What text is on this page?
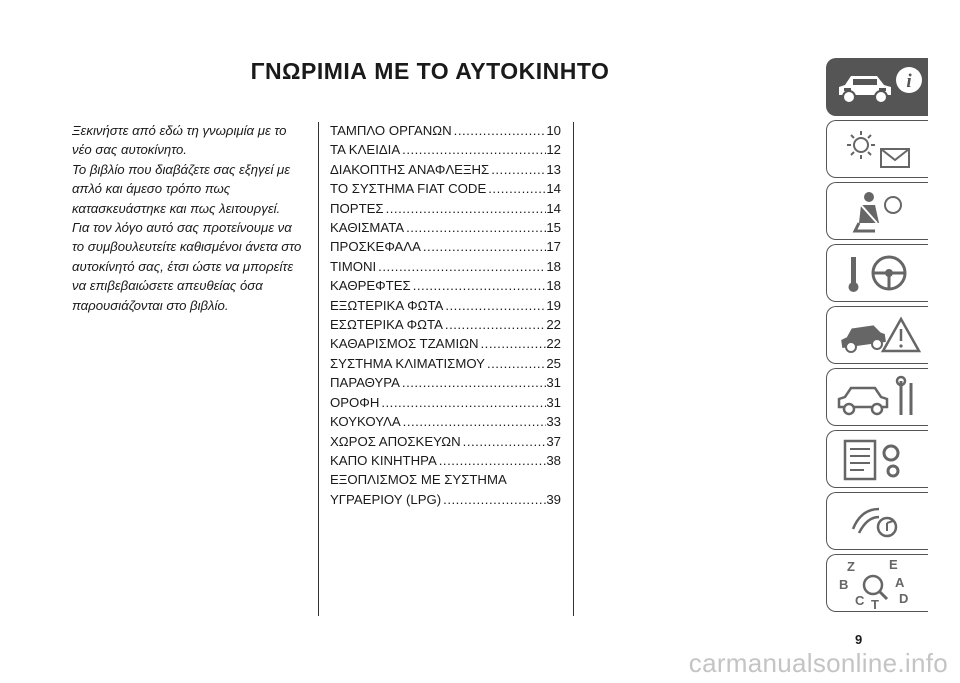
ΓΝΩΡΙΜΙΑ ΜΕ ΤΟ ΑΥΤΟΚΙΝΗΤΟ

Ξεκινήστε από εδώ τη γνωριμία με το νέο σας αυτοκίνητο.

Το βιβλίο που διαβάζετε σας εξηγεί με απλό και άμεσο τρόπο πως κατασκευάστηκε και πως λειτουργεί.

Για τον λόγο αυτό σας προτείνουμε να το συμβουλευτείτε καθισμένοι άνετα στο αυτοκίνητό σας, έτσι ώστε να μπορείτε να επιβεβαιώσετε απευθείας όσα παρουσιάζονται στο βιβλίο.

ΤΑΜΠΛΟ ΟΡΓΑΝΩΝ .....	10
ΤΑ ΚΛΕΙΔΙΑ .....	12
ΔΙΑΚΟΠΤΗΣ ΑΝΑΦΛΕΞΗΣ .....	13
ΤΟ ΣΥΣΤΗΜΑ FIAT CODE .....	14
ΠΟΡΤΕΣ .....	14
ΚΑΘΙΣΜΑΤΑ .....	15
ΠΡΟΣΚΕΦΑΛΑ .....	17
ΤΙΜΟΝΙ .....	18
ΚΑΘΡΕΦΤΕΣ .....	18
ΕΞΩΤΕΡΙΚΑ ΦΩΤΑ .....	19
ΕΣΩΤΕΡΙΚΑ ΦΩΤΑ .....	22
ΚΑΘΑΡΙΣΜΟΣ ΤΖΑΜΙΩΝ .....	22
ΣΥΣΤΗΜΑ ΚΛΙΜΑΤΙΣΜΟΥ .....	25
ΠΑΡΑΘΥΡΑ .....	31
ΟΡΟΦΗ .....	31
ΚΟΥΚΟΥΛΑ .....	33
ΧΩΡΟΣ ΑΠΟΣΚΕΥΩΝ .....	37
ΚΑΠΟ ΚΙΝΗΤΗΡΑ .....	38
ΕΞΟΠΛΙΣΜΟΣ ΜΕ ΣΥΣΤΗΜΑ
ΥΓΡΑΕΡΙΟΥ (LPG) .....	39
i
Z	E
B	A
C T D
9
carmanualsonline.info
